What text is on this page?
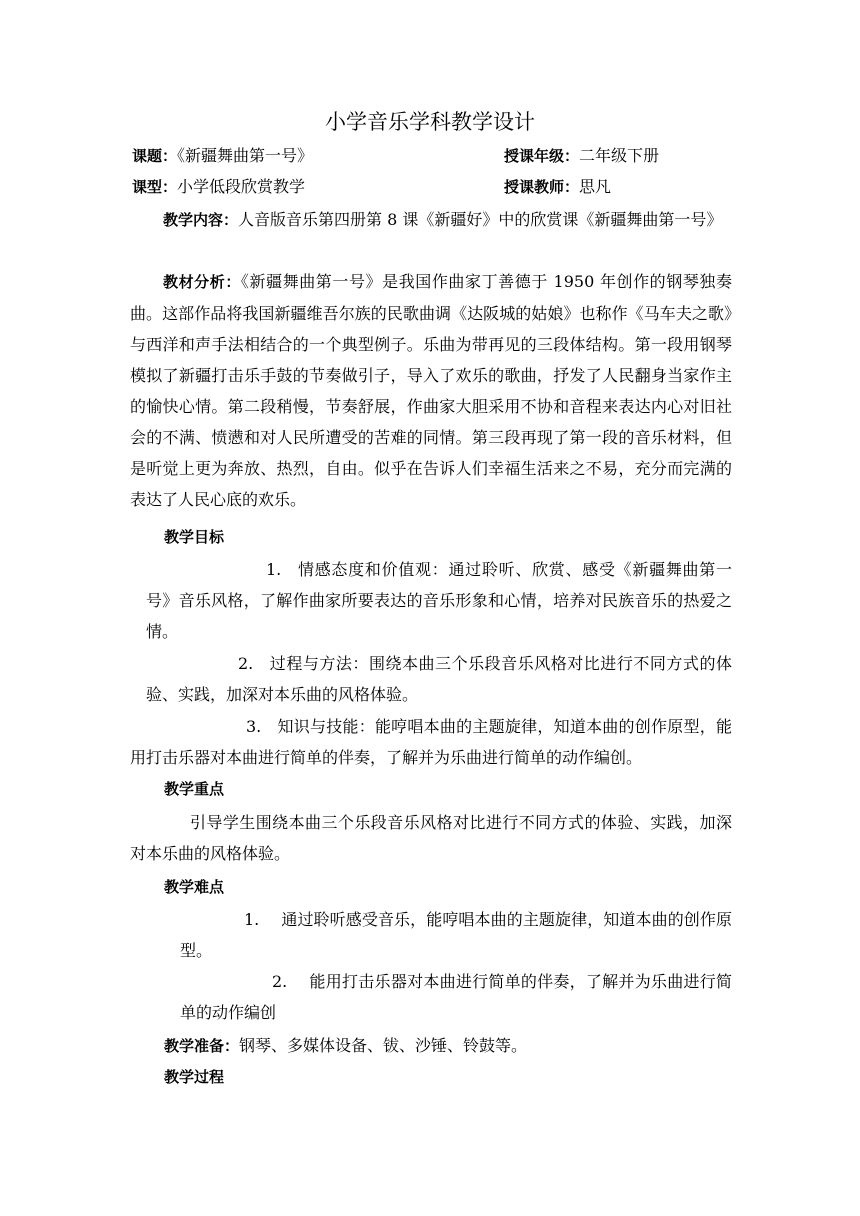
小学音乐学科教学设计
课题：《新疆舞曲第一号》	授课年级：二年级下册
课型：小学低段欣赏教学	授课教师：思凡
教学内容：人音版音乐第四册第 8 课《新疆好》中的欣赏课《新疆舞曲第一号》
教材分析：《新疆舞曲第一号》是我国作曲家丁善德于 1950 年创作的钢琴独奏曲。这部作品将我国新疆维吾尔族的民歌曲调《达阪城的姑娘》也称作《马车夫之歌》与西洋和声手法相结合的一个典型例子。乐曲为带再见的三段体结构。第一段用钢琴模拟了新疆打击乐手鼓的节奏做引子，导入了欢乐的歌曲，抒发了人民翻身当家作主的愉快心情。第二段稍慢，节奏舒展，作曲家大胆采用不协和音程来表达内心对旧社会的不满、愤懑和对人民所遭受的苦难的同情。第三段再现了第一段的音乐材料，但是听觉上更为奔放、热烈，自由。似乎在告诉人们幸福生活来之不易，充分而完满的表达了人民心底的欢乐。
教学目标
1. 情感态度和价值观：通过聆听、欣赏、感受《新疆舞曲第一号》音乐风格，了解作曲家所要表达的音乐形象和心情，培养对民族音乐的热爱之情。
2. 过程与方法：围绕本曲三个乐段音乐风格对比进行不同方式的体验、实践，加深对本乐曲的风格体验。
3. 知识与技能：能哼唱本曲的主题旋律，知道本曲的创作原型，能用打击乐器对本曲进行简单的伴奏，了解并为乐曲进行简单的动作编创。
教学重点
引导学生围绕本曲三个乐段音乐风格对比进行不同方式的体验、实践，加深对本乐曲的风格体验。
教学难点
1. 通过聆听感受音乐，能哼唱本曲的主题旋律，知道本曲的创作原型。
2. 能用打击乐器对本曲进行简单的伴奏，了解并为乐曲进行简单的动作编创
教学准备：钢琴、多媒体设备、钹、沙锤、铃鼓等。
教学过程
